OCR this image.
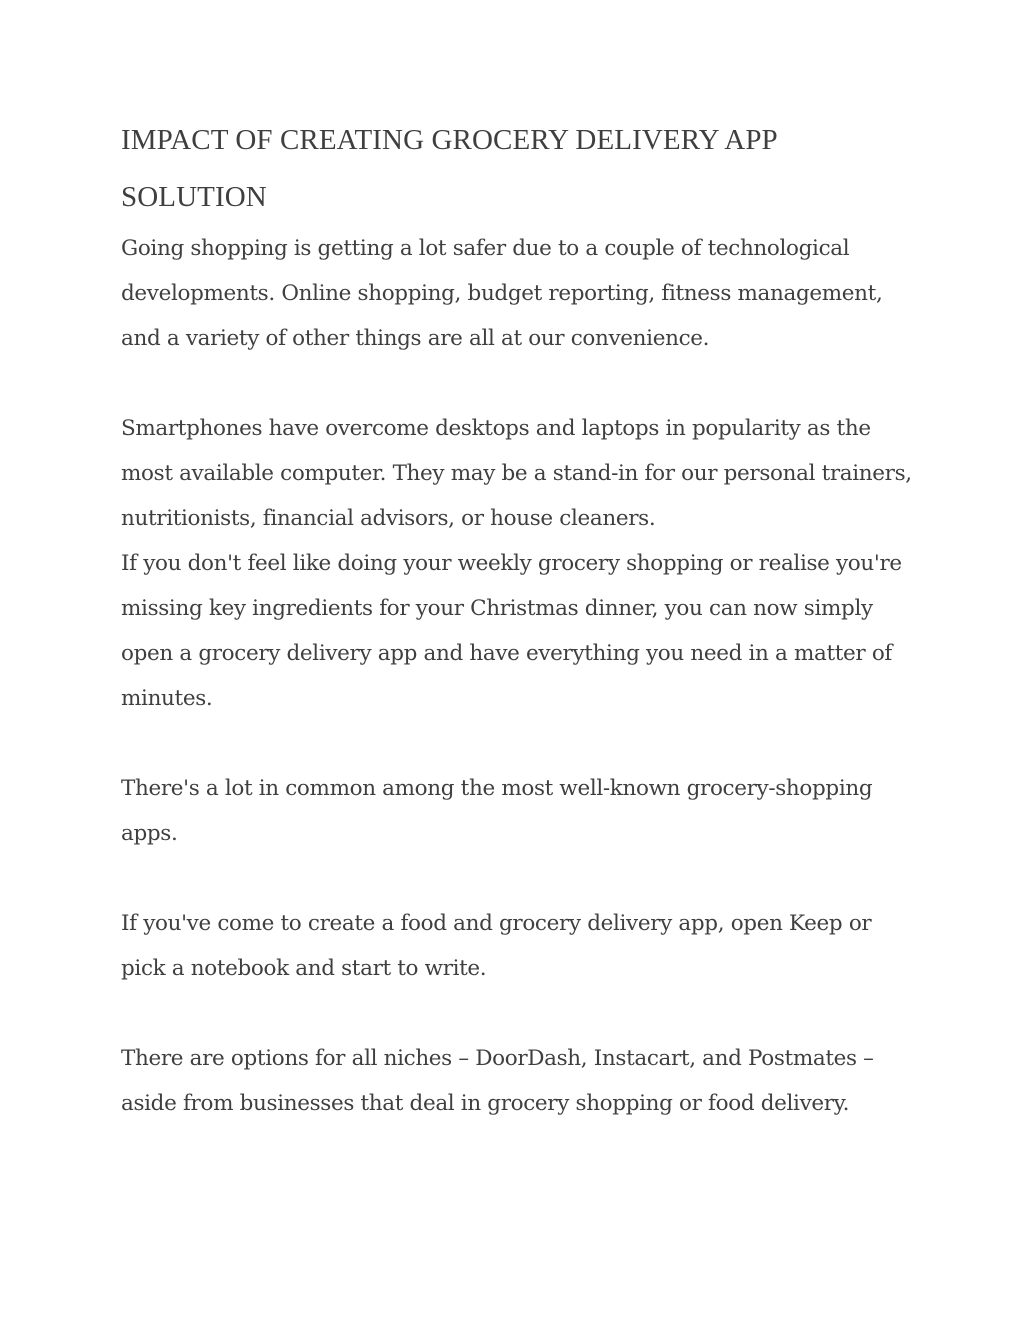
IMPACT OF CREATING GROCERY DELIVERY APP SOLUTION

Going shopping is getting a lot safer due to a couple of technological developments. Online shopping, budget reporting, fitness management, and a variety of other things are all at our convenience.

Smartphones have overcome desktops and laptops in popularity as the most available computer. They may be a stand-in for our personal trainers, nutritionists, financial advisors, or house cleaners.

If you don't feel like doing your weekly grocery shopping or realise you're missing key ingredients for your Christmas dinner, you can now simply open a grocery delivery app and have everything you need in a matter of minutes.

There's a lot in common among the most well-known grocery-shopping apps.

If you've come to create a food and grocery delivery app, open Keep or pick a notebook and start to write.

There are options for all niches – DoorDash, Instacart, and Postmates – aside from businesses that deal in grocery shopping or food delivery.
